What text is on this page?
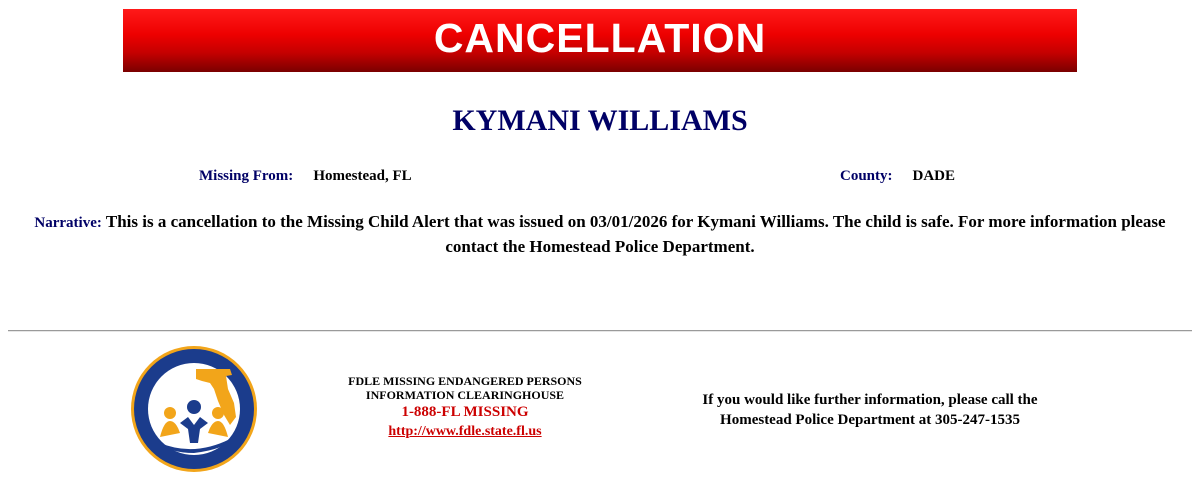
CANCELLATION
KYMANI WILLIAMS
Missing From: Homestead, FL	County: DADE
Narrative: This is a cancellation to the Missing Child Alert that was issued on 03/01/2026 for Kymani Williams. The child is safe. For more information please contact the Homestead Police Department.
FDLE MISSING ENDANGERED PERSONS
INFORMATION CLEARINGHOUSE
1-888-FL MISSING
http://www.fdle.state.fl.us
If you would like further information, please call the
Homestead Police Department at 305-247-1535
